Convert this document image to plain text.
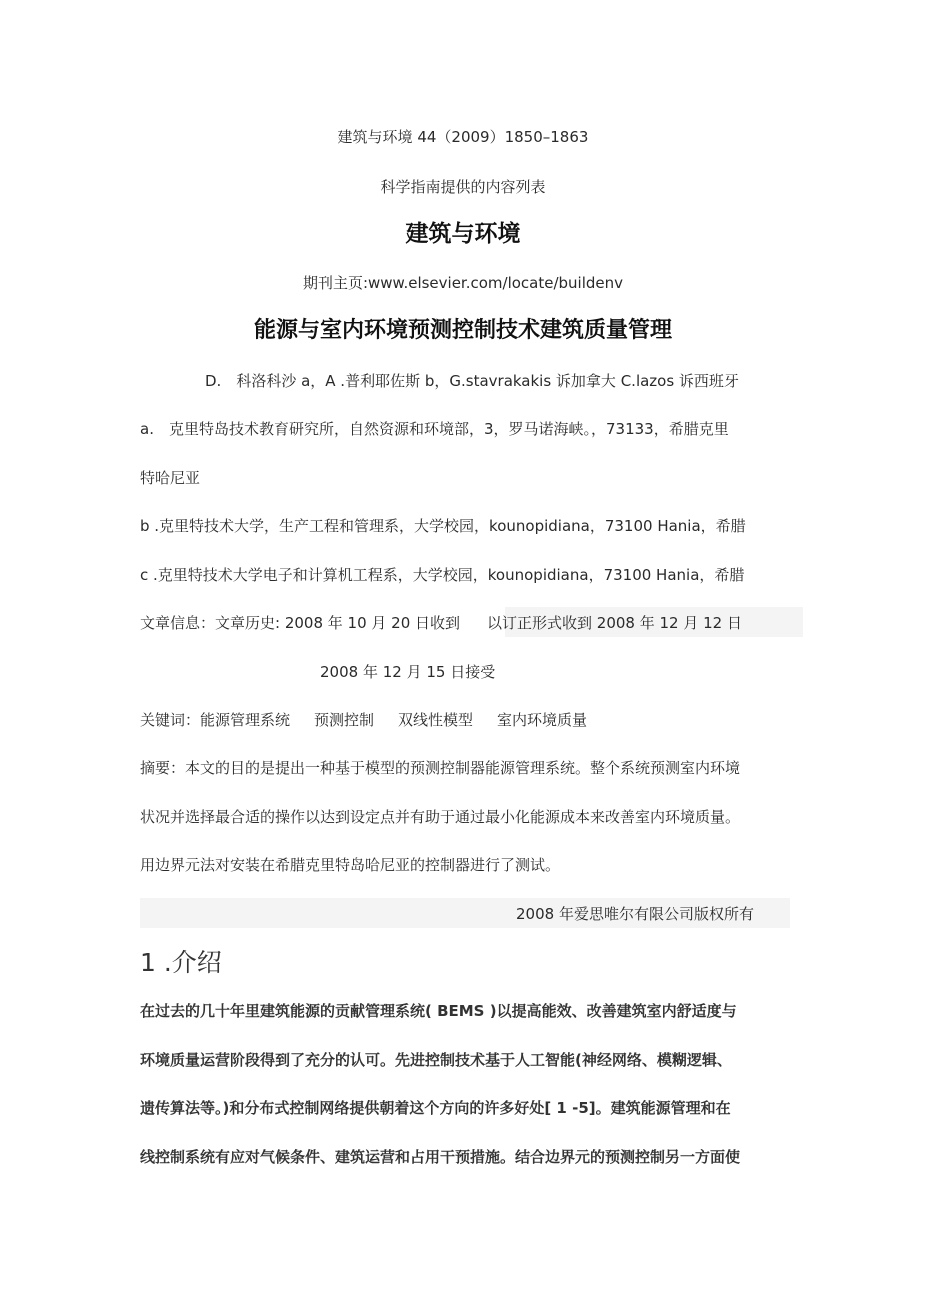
建筑与环境 44（2009）1850–1863
科学指南提供的内容列表
建筑与环境
期刊主页:www.elsevier.com/locate/buildenv
能源与室内环境预测控制技术建筑质量管理
D.　科洛科沙 a，A .普利耶佐斯 b，G.stavrakakis 诉加拿大 C.lazos 诉西班牙
a.　克里特岛技术教育研究所，自然资源和环境部，3，罗马诺海峡。，73133，希腊克里
特哈尼亚
b .克里特技术大学，生产工程和管理系，大学校园，kounopidiana，73100 Hania，希腊
c .克里特技术大学电子和计算机工程系，大学校园，kounopidiana，73100 Hania，希腊
文章信息：文章历史: 2008 年 10 月 20 日收到 以订正形式收到 2008 年 12 月 12 日
2008 年 12 月 15 日接受
关键词：能源管理系统 预测控制 双线性模型 室内环境质量
摘要：本文的目的是提出一种基于模型的预测控制器能源管理系统。整个系统预测室内环境
状况并选择最合适的操作以达到设定点并有助于通过最小化能源成本来改善室内环境质量。
用边界元法对安装在希腊克里特岛哈尼亚的控制器进行了测试。
2008 年爱思唯尔有限公司版权所有
1 .介绍
在过去的几十年里建筑能源的贡献管理系统( BEMS )以提高能效、改善建筑室内舒适度与
环境质量运营阶段得到了充分的认可。先进控制技术基于人工智能(神经网络、模糊逻辑、
遗传算法等。)和分布式控制网络提供朝着这个方向的许多好处[ 1 -5]。建筑能源管理和在
线控制系统有应对气候条件、建筑运营和占用干预措施。结合边界元的预测控制另一方面使
